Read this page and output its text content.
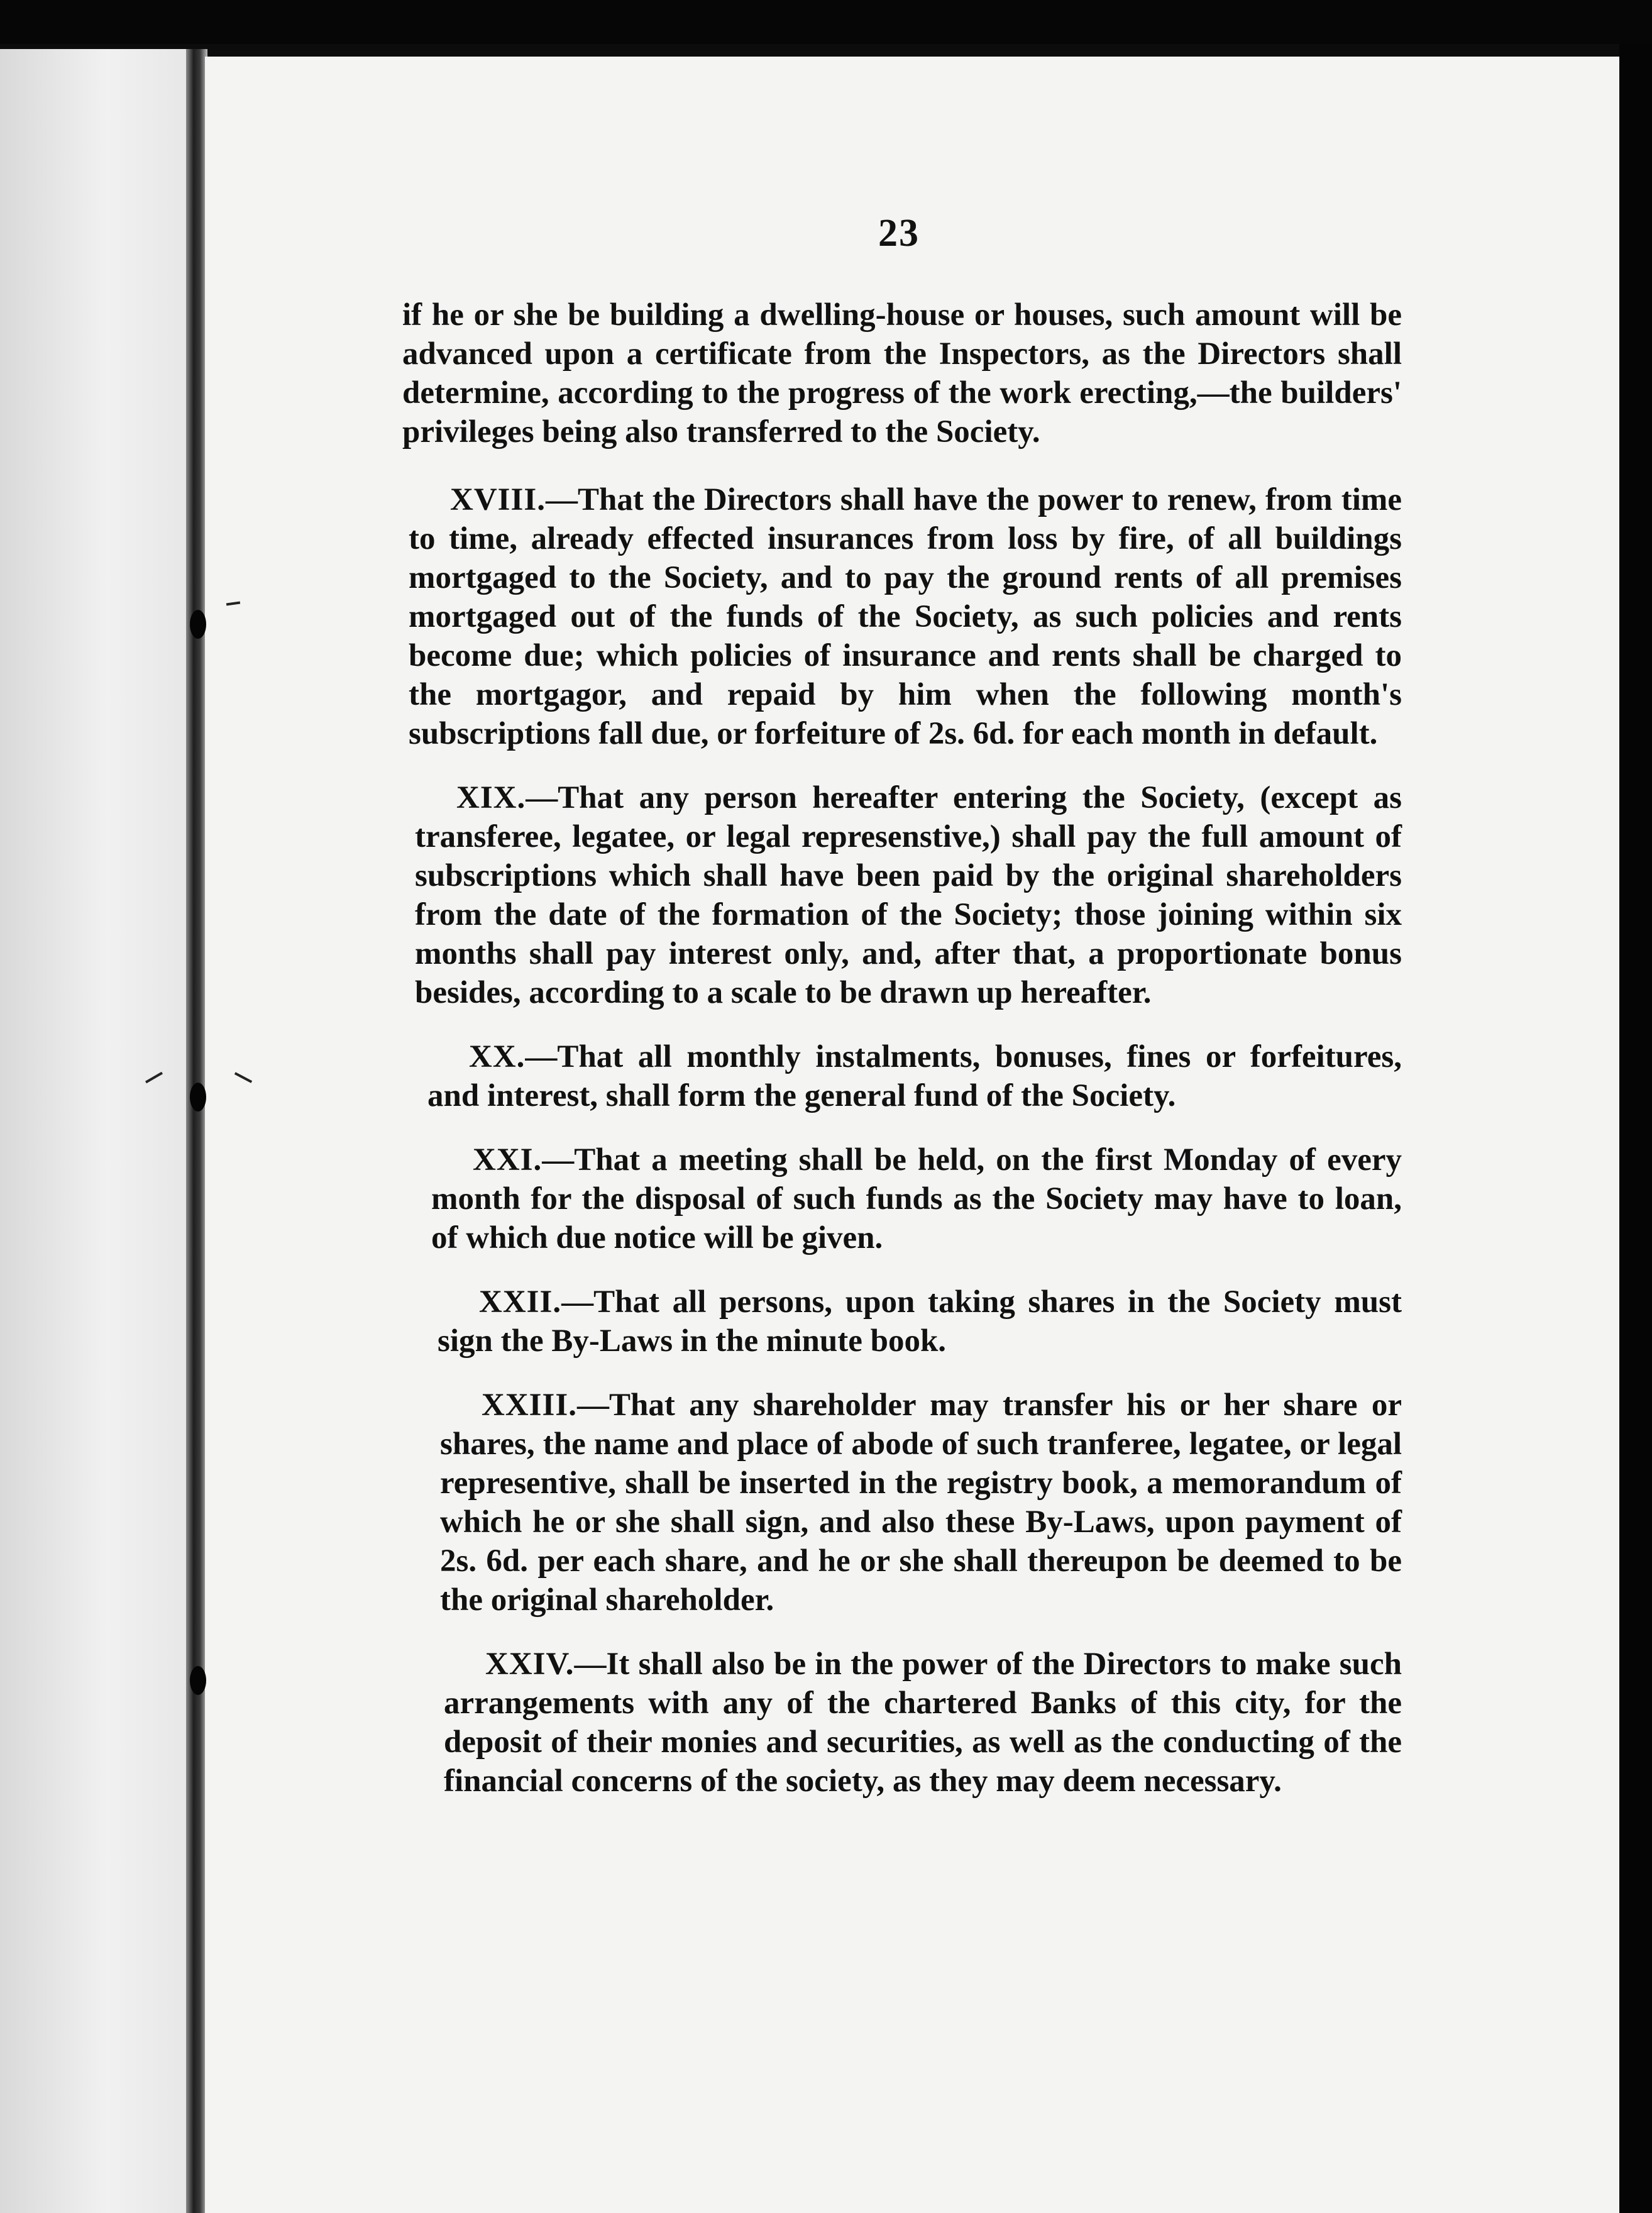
23

if he or she be building a dwelling-house or houses, such amount will be advanced upon a certificate from the Inspectors, as the Directors shall determine, according to the progress of the work erecting,—the builders' privileges being also transferred to the Society.

XVIII.—That the Directors shall have the power to renew, from time to time, already effected insurances from loss by fire, of all buildings mortgaged to the Society, and to pay the ground rents of all premises mortgaged out of the funds of the Society, as such policies and rents become due; which policies of insurance and rents shall be charged to the mortgagor, and repaid by him when the following month's subscriptions fall due, or forfeiture of 2s. 6d. for each month in default.

XIX.—That any person hereafter entering the Society, (except as transferee, legatee, or legal represenstive,) shall pay the full amount of subscriptions which shall have been paid by the original shareholders from the date of the formation of the Society; those joining within six months shall pay interest only, and, after that, a proportionate bonus besides, according to a scale to be drawn up hereafter.

XX.—That all monthly instalments, bonuses, fines or forfeitures, and interest, shall form the general fund of the Society.

XXI.—That a meeting shall be held, on the first Monday of every month for the disposal of such funds as the Society may have to loan, of which due notice will be given.

XXII.—That all persons, upon taking shares in the Society must sign the By-Laws in the minute book.

XXIII.—That any shareholder may transfer his or her share or shares, the name and place of abode of such tranferee, legatee, or legal representive, shall be inserted in the registry book, a memorandum of which he or she shall sign, and also these By-Laws, upon payment of 2s. 6d. per each share, and he or she shall thereupon be deemed to be the original shareholder.

XXIV.—It shall also be in the power of the Directors to make such arrangements with any of the chartered Banks of this city, for the deposit of their monies and securities, as well as the conducting of the financial concerns of the society, as they may deem necessary.
